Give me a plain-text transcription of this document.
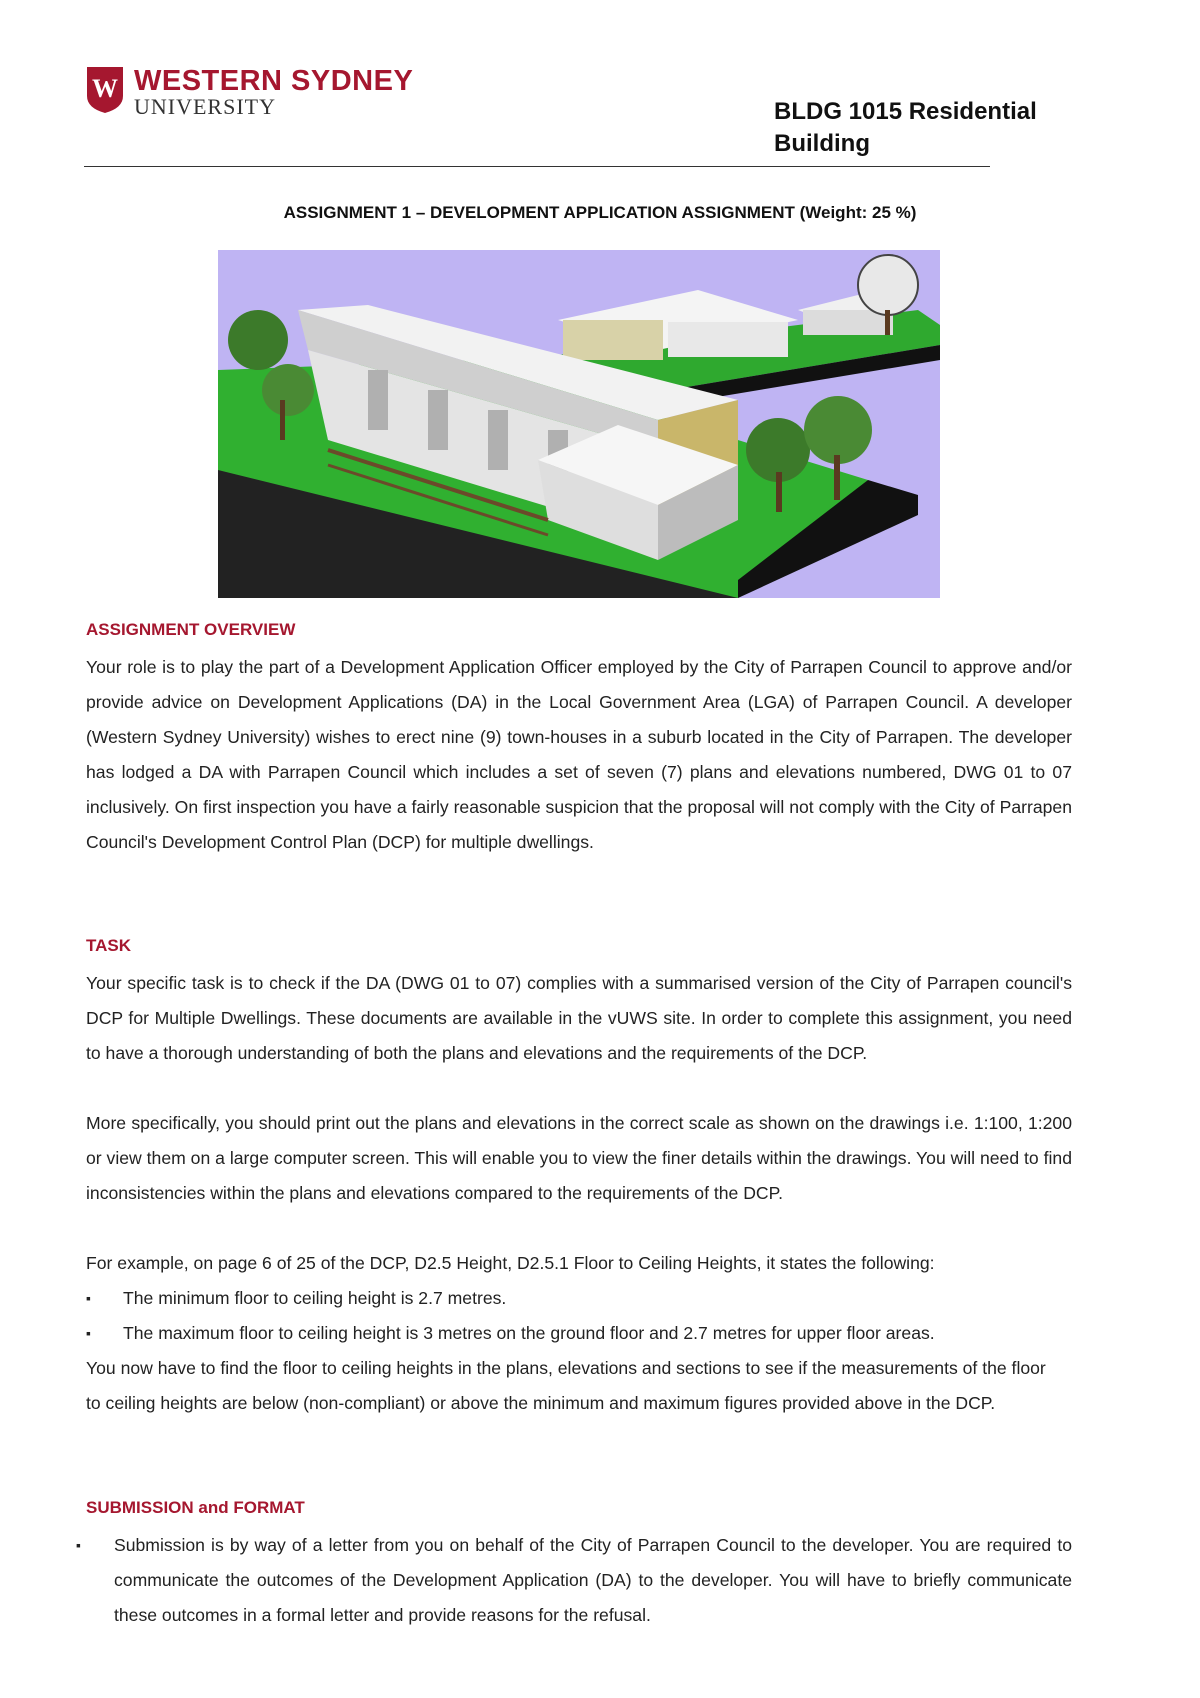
W WESTERN SYDNEY
UNIVERSITY	BLDG 1015 Residential Building
ASSIGNMENT 1 – DEVELOPMENT APPLICATION ASSIGNMENT (Weight: 25 %)
ASSIGNMENT OVERVIEW
Your role is to play the part of a Development Application Officer employed by the City of Parrapen Council to approve and/or provide advice on Development Applications (DA) in the Local Government Area (LGA) of Parrapen Council. A developer (Western Sydney University) wishes to erect nine (9) town-houses in a suburb located in the City of Parrapen. The developer has lodged a DA with Parrapen Council which includes a set of seven (7) plans and elevations numbered, DWG 01 to 07 inclusively. On first inspection you have a fairly reasonable suspicion that the proposal will not comply with the City of Parrapen Council's Development Control Plan (DCP) for multiple dwellings.
TASK
Your specific task is to check if the DA (DWG 01 to 07) complies with a summarised version of the City of Parrapen council's DCP for Multiple Dwellings. These documents are available in the vUWS site. In order to complete this assignment, you need to have a thorough understanding of both the plans and elevations and the requirements of the DCP.
More specifically, you should print out the plans and elevations in the correct scale as shown on the drawings i.e. 1:100, 1:200 or view them on a large computer screen. This will enable you to view the finer details within the drawings. You will need to find inconsistencies within the plans and elevations compared to the requirements of the DCP.
For example, on page 6 of 25 of the DCP, D2.5 Height, D2.5.1 Floor to Ceiling Heights, it states the following:
▪ The minimum floor to ceiling height is 2.7 metres.
▪ The maximum floor to ceiling height is 3 metres on the ground floor and 2.7 metres for upper floor areas.
You now have to find the floor to ceiling heights in the plans, elevations and sections to see if the measurements of the floor to ceiling heights are below (non-compliant) or above the minimum and maximum figures provided above in the DCP.
SUBMISSION and FORMAT
▪ Submission is by way of a letter from you on behalf of the City of Parrapen Council to the developer. You are required to communicate the outcomes of the Development Application (DA) to the developer. You will have to briefly communicate these outcomes in a formal letter and provide reasons for the refusal.
